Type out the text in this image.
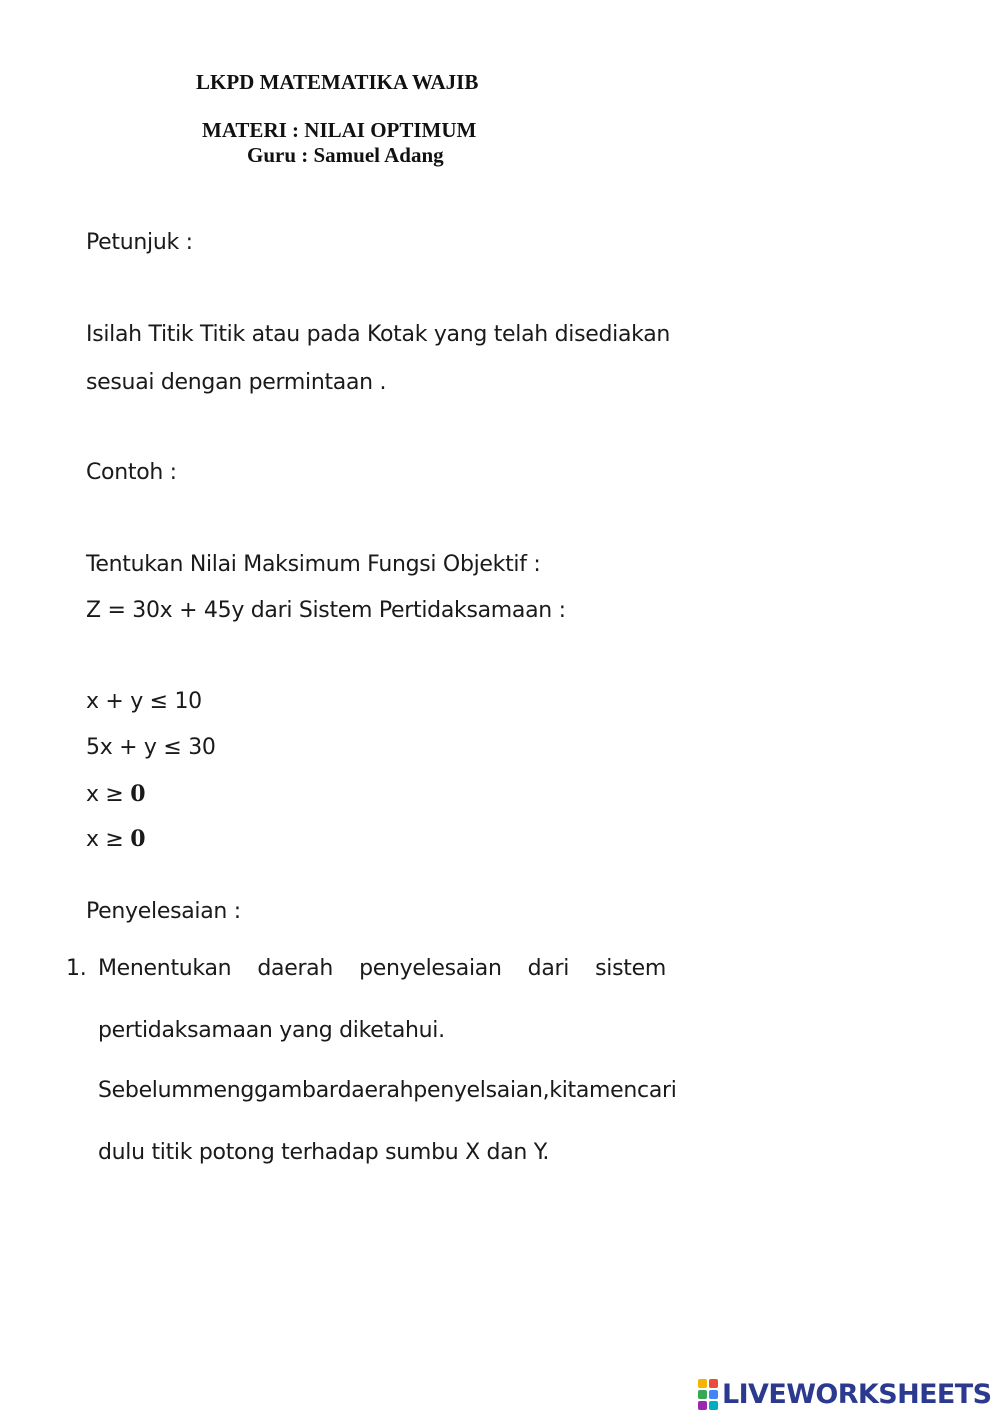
LKPD MATEMATIKA WAJIB
MATERI : NILAI OPTIMUM
Guru : Samuel Adang
Petunjuk :
Isilah Titik Titik atau pada Kotak yang telah disediakan
sesuai dengan permintaan .
Contoh :
Tentukan Nilai Maksimum Fungsi Objektif :
Z = 30x + 45y dari Sistem Pertidaksamaan :
x + y ≤ 10
5x + y ≤ 30
x ≥ 0
x ≥ 0
Penyelesaian :
1. Menentukan daerah penyelesaian dari sistem
pertidaksamaan yang diketahui.
Sebelum menggambar daerah penyelsaian, kita mencari
dulu titik potong terhadap sumbu X dan Y.
LIVEWORKSHEETS
